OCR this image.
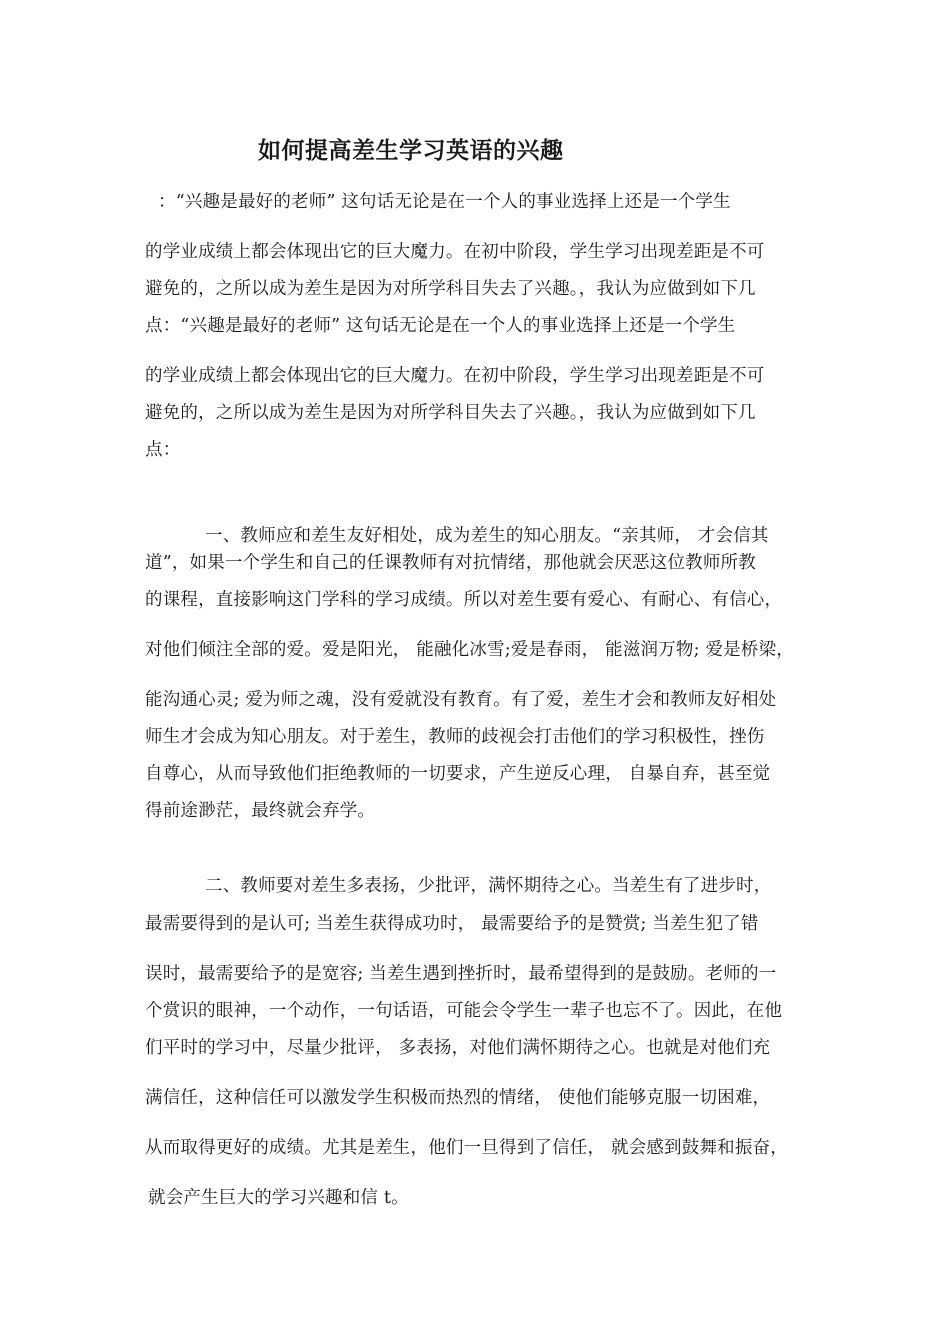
如何提高差生学习英语的兴趣
：“兴趣是最好的老师” 这句话无论是在一个人的事业选择上还是一个学生
的学业成绩上都会体现出它的巨大魔力。在初中阶段，学生学习出现差距是不可
避免的，之所以成为差生是因为对所学科目失去了兴趣。，我认为应做到如下几
点：“兴趣是最好的老师” 这句话无论是在一个人的事业选择上还是一个学生
的学业成绩上都会体现出它的巨大魔力。在初中阶段，学生学习出现差距是不可
避免的，之所以成为差生是因为对所学科目失去了兴趣。，我认为应做到如下几
点：
一、教师应和差生友好相处，成为差生的知心朋友。“亲其师， 才会信其
道”，如果一个学生和自己的任课教师有对抗情绪，那他就会厌恶这位教师所教
的课程，直接影响这门学科的学习成绩。所以对差生要有爱心、有耐心、有信心，
对他们倾注全部的爱。爱是阳光， 能融化冰雪;爱是春雨， 能滋润万物; 爱是桥梁，
能沟通心灵; 爱为师之魂，没有爱就没有教育。有了爱，差生才会和教师友好相处
师生才会成为知心朋友。对于差生，教师的歧视会打击他们的学习积极性，挫伤
自尊心，从而导致他们拒绝教师的一切要求，产生逆反心理， 自暴自弃，甚至觉
得前途渺茫，最终就会弃学。
二、教师要对差生多表扬，少批评，满怀期待之心。当差生有了进步时，
最需要得到的是认可; 当差生获得成功时， 最需要给予的是赞赏; 当差生犯了错
误时，最需要给予的是宽容; 当差生遇到挫折时，最希望得到的是鼓励。老师的一
个赏识的眼神，一个动作，一句话语，可能会令学生一辈子也忘不了。因此，在他
们平时的学习中，尽量少批评， 多表扬，对他们满怀期待之心。也就是对他们充
满信任，这种信任可以激发学生积极而热烈的情绪， 使他们能够克服一切困难，
从而取得更好的成绩。尤其是差生，他们一旦得到了信任， 就会感到鼓舞和振奋，
就会产生巨大的学习兴趣和信 t。
